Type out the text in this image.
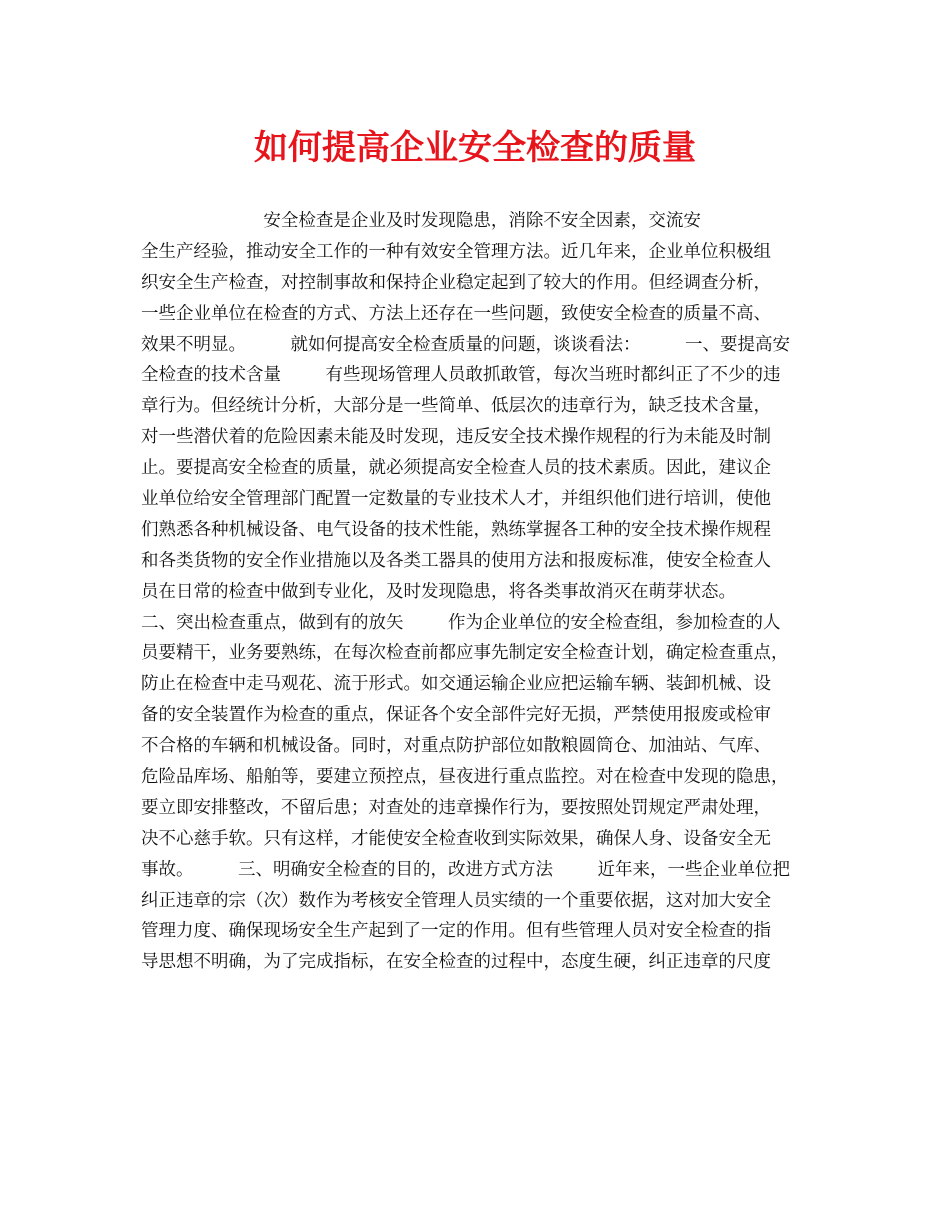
如何提高企业安全检查的质量
安全检查是企业及时发现隐患，消除不安全因素，交流安
全生产经验，推动安全工作的一种有效安全管理方法。近几年来，企业单位积极组
织安全生产检查，对控制事故和保持企业稳定起到了较大的作用。但经调查分析，
一些企业单位在检查的方式、方法上还存在一些问题，致使安全检查的质量不高、
效果不明显。        就如何提高安全检查质量的问题，谈谈看法：        一、要提高安
全检查的技术含量        有些现场管理人员敢抓敢管，每次当班时都纠正了不少的违
章行为。但经统计分析，大部分是一些简单、低层次的违章行为，缺乏技术含量，
对一些潜伏着的危险因素未能及时发现，违反安全技术操作规程的行为未能及时制
止。要提高安全检查的质量，就必须提高安全检查人员的技术素质。因此，建议企
业单位给安全管理部门配置一定数量的专业技术人才，并组织他们进行培训，使他
们熟悉各种机械设备、电气设备的技术性能，熟练掌握各工种的安全技术操作规程
和各类货物的安全作业措施以及各类工器具的使用方法和报废标准，使安全检查人
员在日常的检查中做到专业化，及时发现隐患，将各类事故消灭在萌芽状态。
二、突出检查重点，做到有的放矢        作为企业单位的安全检查组，参加检查的人
员要精干，业务要熟练，在每次检查前都应事先制定安全检查计划，确定检查重点，
防止在检查中走马观花、流于形式。如交通运输企业应把运输车辆、装卸机械、设
备的安全装置作为检查的重点，保证各个安全部件完好无损，严禁使用报废或检审
不合格的车辆和机械设备。同时，对重点防护部位如散粮圆筒仓、加油站、气库、
危险品库场、船舶等，要建立预控点，昼夜进行重点监控。对在检查中发现的隐患，
要立即安排整改，不留后患；对查处的违章操作行为，要按照处罚规定严肃处理，
决不心慈手软。只有这样，才能使安全检查收到实际效果，确保人身、设备安全无
事故。        三、明确安全检查的目的，改进方式方法        近年来，一些企业单位把
纠正违章的宗（次）数作为考核安全管理人员实绩的一个重要依据，这对加大安全
管理力度、确保现场安全生产起到了一定的作用。但有些管理人员对安全检查的指
导思想不明确，为了完成指标，在安全检查的过程中，态度生硬，纠正违章的尺度
